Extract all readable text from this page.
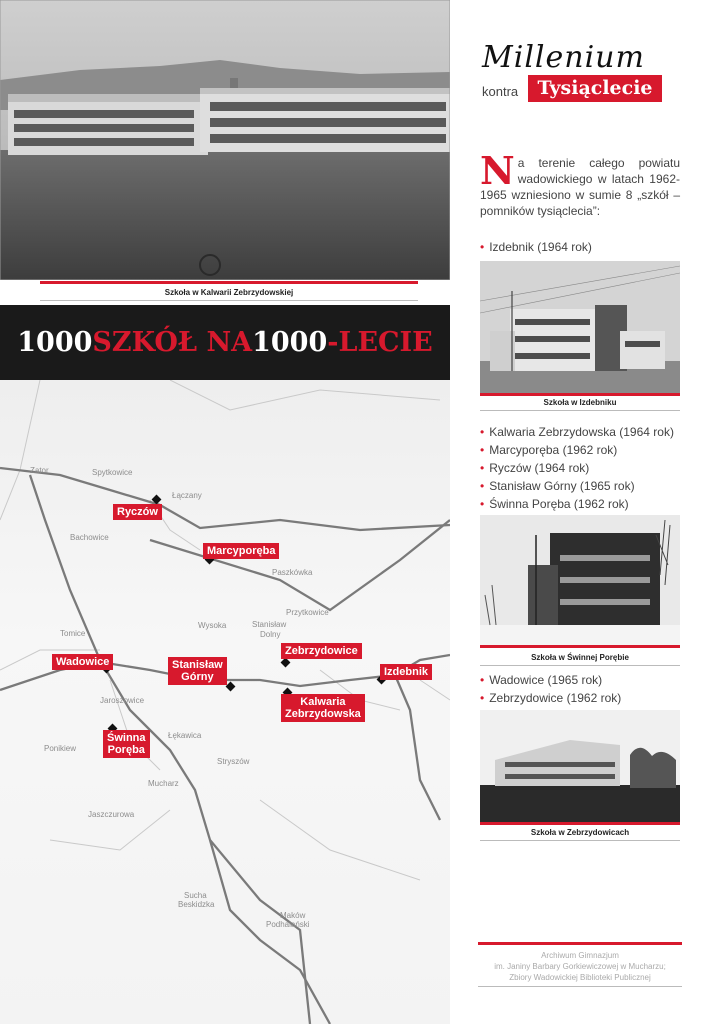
Szkoła w Kalwarii Zebrzydowskiej
1000 SZKÓŁ NA 1000 - LECIE
Zator	Spytkowice
Łączany
Bachowice
Paszkówka
Przytkowice
Wysoka	Stanisław
Dolny
Tomice
Jaroszowice
Łękawica
Ponikiew
Stryszów
Mucharz
Jaszczurowa
Sucha
Beskidzka
Maków
Podhalański
Ryczów
Marcyporęba
Wadowice	Stanisław
Górny
Zebrzydowice
Izdebnik
Kalwaria
Zebrzydowska
Świnna
Poręba
Millenium
kontra	Tysiąclecie
Na terenie całego powiatu wadowickiego w latach 1962-1965 wzniesiono w sumie 8 „szkół – pomników tysiąclecia”:
• Izdebnik (1964 rok)
Szkoła w Izdebniku
• Kalwaria Zebrzydowska (1964 rok)
• Marcyporęba (1962 rok)
• Ryczów (1964 rok)
• Stanisław Górny (1965 rok)
• Świnna Poręba (1962 rok)
Szkoła w Świnnej Porębie
• Wadowice (1965 rok)
• Zebrzydowice (1962 rok)
Szkoła w Zebrzydowicach
Archiwum Gimnazjum
im. Janiny Barbary Gorkiewiczowej w Mucharzu;
Zbiory Wadowickiej Biblioteki Publicznej
